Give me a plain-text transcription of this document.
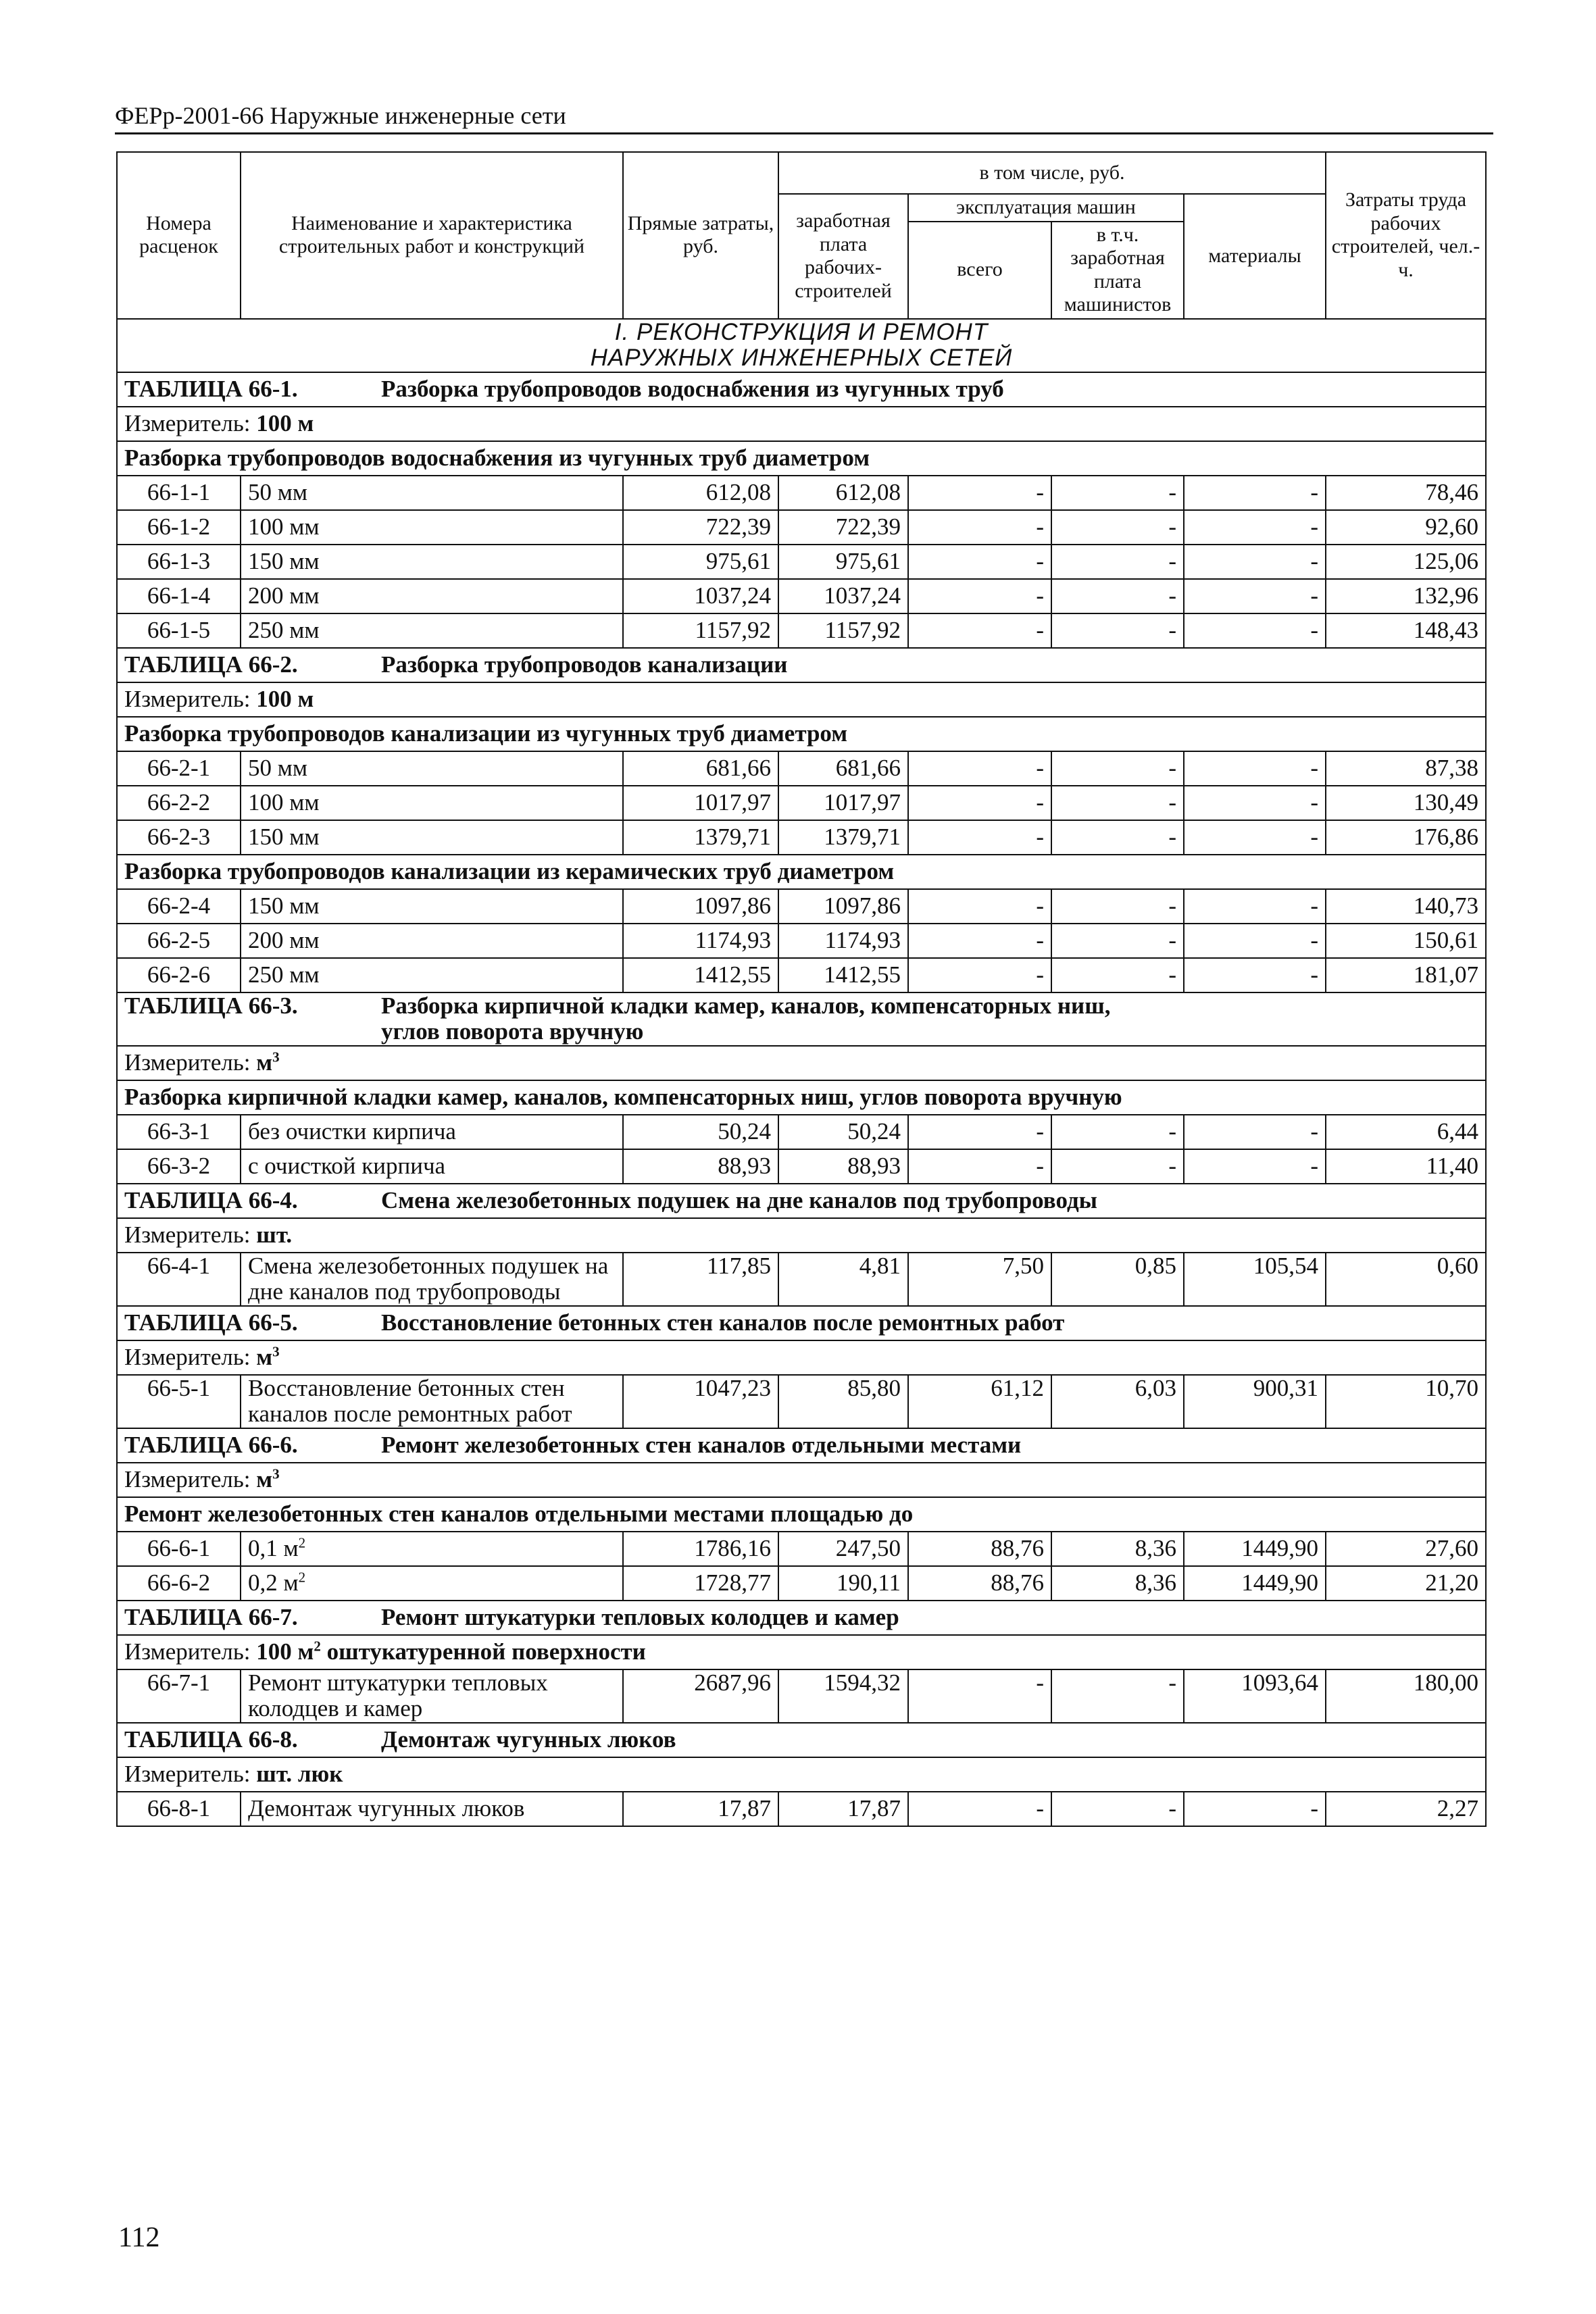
ФЕРр-2001-66 Наружные инженерные сети
Номера расценок	Наименование и характеристика строительных работ и конструкций	Прямые затраты, руб.	в том числе, руб.				Затраты труда рабочих строителей, чел.-ч.
			заработная плата рабочих-строителей	эксплуатация машин		материалы	
				всего	в т.ч. заработная плата машинистов		

I. РЕКОНСТРУКЦИЯ И РЕМОНТ
НАРУЖНЫХ ИНЖЕНЕРНЫХ СЕТЕЙ							

ТАБЛИЦА 66-1. Разборка трубопроводов водоснабжения из чугунных труб							
Измеритель: 100 м							
Разборка трубопроводов водоснабжения из чугунных труб диаметром							
66-1-1	50 мм	612,08	612,08	-	-	-	78,46
66-1-2	100 мм	722,39	722,39	-	-	-	92,60
66-1-3	150 мм	975,61	975,61	-	-	-	125,06
66-1-4	200 мм	1037,24	1037,24	-	-	-	132,96
66-1-5	250 мм	1157,92	1157,92	-	-	-	148,43
ТАБЛИЦА 66-2. Разборка трубопроводов канализации							
Измеритель: 100 м							
Разборка трубопроводов канализации из чугунных труб диаметром							
66-2-1	50 мм	681,66	681,66	-	-	-	87,38
66-2-2	100 мм	1017,97	1017,97	-	-	-	130,49
66-2-3	150 мм	1379,71	1379,71	-	-	-	176,86
Разборка трубопроводов канализации из керамических труб диаметром							
66-2-4	150 мм	1097,86	1097,86	-	-	-	140,73
66-2-5	200 мм	1174,93	1174,93	-	-	-	150,61
66-2-6	250 мм	1412,55	1412,55	-	-	-	181,07
ТАБЛИЦА 66-3. Разборка кирпичной кладки камер, каналов, компенсаторных ниш,
углов поворота вручную							

Измеритель: $м^3$
Разборка кирпичной кладки камер, каналов, компенсаторных ниш, углов поворота вручную							
66-3-1	без очистки кирпича	50,24	50,24	-	-	-	6,44
66-3-2	с очисткой кирпича	88,93	88,93	-	-	-	11,40
ТАБЛИЦА 66-4. Смена железобетонных подушек на дне каналов под трубопроводы							
Измеритель: шт.							
66-4-1	Смена железобетонных подушек на дне каналов под трубопроводы	117,85	4,81	7,50	0,85	105,54	0,60
ТАБЛИЦА 66-5. Восстановление бетонных стен каналов после ремонтных работ							
Измеритель: $м^3$
66-5-1	Восстановление бетонных стен каналов после ремонтных работ	1047,23	85,80	61,12	6,03	900,31	10,70
ТАБЛИЦА 66-6. Ремонт железобетонных стен каналов отдельными местами							
Измеритель: $м^3$
Ремонт железобетонных стен каналов отдельными местами площадью до							
66-6-1	0,1 $м^2$	1786,16	247,50	88,76	8,36	1449,90	27,60
66-6-2	0,2 $м^2$	1728,77	190,11	88,76	8,36	1449,90	21,20
ТАБЛИЦА 66-7. Ремонт штукатурки тепловых колодцев и камер							
Измеритель: 100 $м^2$ оштукатуренной поверхности							
66-7-1	Ремонт штукатурки тепловых колодцев и камер	2687,96	1594,32	-	-	1093,64	180,00
ТАБЛИЦА 66-8. Демонтаж чугунных люков							
Измеритель: шт. люк							
66-8-1	Демонтаж чугунных люков	17,87	17,87	-	-	-	2,27
112
